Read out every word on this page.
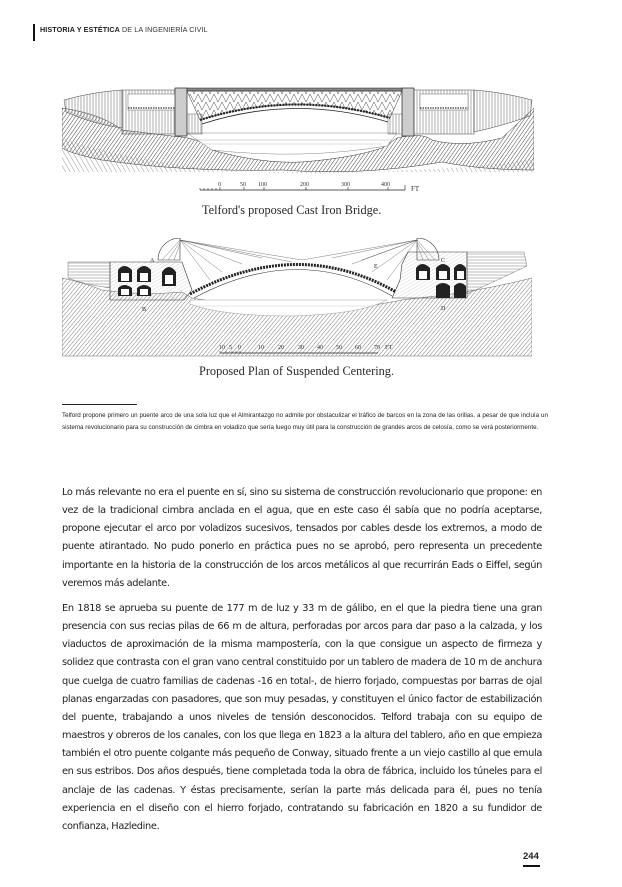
HISTORIA Y ESTÉTICA DE LA INGENIERÍA CIVIL
0	50 100	200	300	400	FT
Telford's proposed Cast Iron Bridge.
A
B
C
D
E
10 5 0	10 20 30 40 50 60 70 FT
Proposed Plan of Suspended Centering.
Telford propone primero un puente arco de una sola luz que el Almirantazgo no admite por obstaculizar el tráfico de barcos en la zona de las orillas, a pesar de que incluía un sistema revolucionario para su construcción de cimbra en voladizo que sería luego muy útil para la construcción de grandes arcos de celosía, como se verá posteriormente.

Lo más relevante no era el puente en sí, sino su sistema de construcción revolucionario que propone: en vez de la tradicional cimbra anclada en el agua, que en este caso él sabía que no podría aceptarse, propone ejecutar el arco por voladizos sucesivos, tensados por cables desde los extremos, a modo de puente atirantado. No pudo ponerlo en práctica pues no se aprobó, pero representa un precedente importante en la historia de la construcción de los arcos metálicos al que recurrirán Eads o Eiffel, según veremos más adelante.

En 1818 se aprueba su puente de 177 m de luz y 33 m de gálibo, en el que la piedra tiene una gran presencia con sus recias pilas de 66 m de altura, perforadas por arcos para dar paso a la calzada, y los viaductos de aproximación de la misma mampostería, con la que consigue un aspecto de firmeza y solidez que contrasta con el gran vano central constituido por un tablero de madera de 10 m de anchura que cuelga de cuatro familias de cadenas -16 en total-, de hierro forjado, compuestas por barras de ojal planas engarzadas con pasadores, que son muy pesadas, y constituyen el único factor de estabilización del puente, trabajando a unos niveles de tensión desconocidos. Telford trabaja con su equipo de maestros y obreros de los canales, con los que llega en 1823 a la altura del tablero, año en que empieza también el otro puente colgante más pequeño de Conway, situado frente a un viejo castillo al que emula en sus estribos. Dos años después, tiene completada toda la obra de fábrica, incluido los túneles para el anclaje de las cadenas. Y éstas precisamente, serían la parte más delicada para él, pues no tenía experiencia en el diseño con el hierro forjado, contratando su fabricación en 1820 a su fundidor de confianza, Hazledine.

244
